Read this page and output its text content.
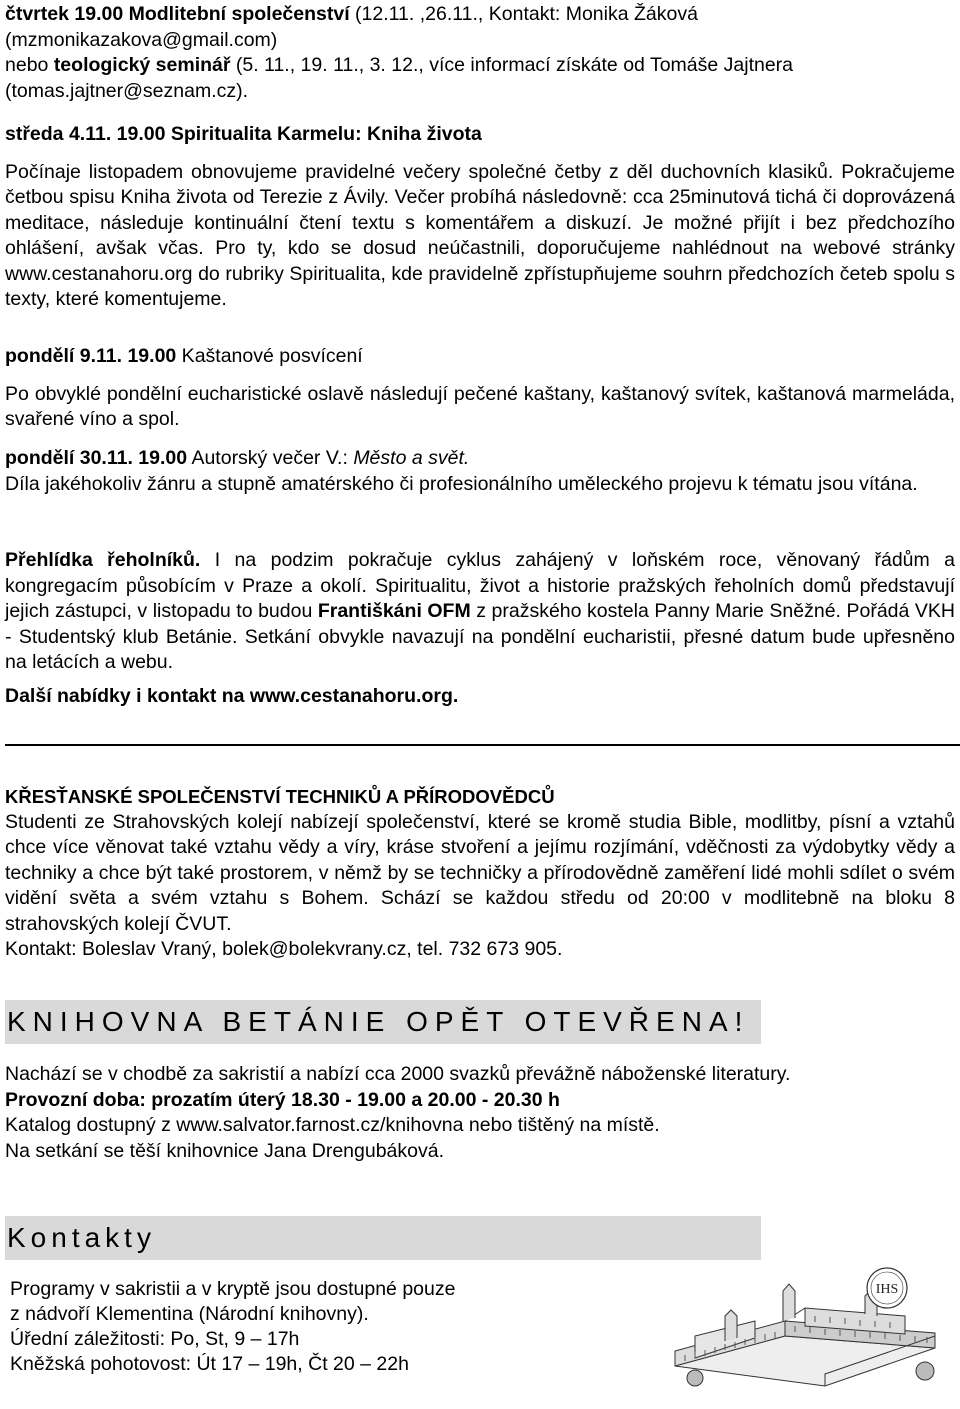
čtvrtek 19.00 Modlitební společenství (12.11. ,26.11., Kontakt: Monika Žáková (mzmonikazakova@gmail.com)
nebo teologický seminář (5. 11., 19. 11., 3. 12., více informací získáte od Tomáše Jajtnera (tomas.jajtner@seznam.cz).

středa 4.11. 19.00 Spiritualita Karmelu: Kniha života

Počínaje listopadem obnovujeme pravidelné večery společné četby z děl duchovních klasiků. Pokračujeme četbou spisu Kniha života od Terezie z Ávily. Večer probíhá následovně: cca 25minutová tichá či doprovázená meditace, následuje kontinuální čtení textu s komentářem a diskuzí. Je možné přijít i bez předchozího ohlášení, avšak včas. Pro ty, kdo se dosud neúčastnili, doporučujeme nahlédnout na webové stránky www.cestanahoru.org do rubriky Spiritualita, kde pravidelně zpřístupňujeme souhrn předchozích četeb spolu s texty, které komentujeme.

pondělí 9.11. 19.00 Kaštanové posvícení

Po obvyklé pondělní eucharistické oslavě následují pečené kaštany, kaštanový svítek, kaštanová marmeláda, svařené víno a spol.

pondělí 30.11. 19.00 Autorský večer V.: Město a svět.

Díla jakéhokoliv žánru a stupně amatérského či profesionálního uměleckého projevu k tématu jsou vítána.

Přehlídka řeholníků. I na podzim pokračuje cyklus zahájený v loňském roce, věnovaný řádům a kongregacím působícím v Praze a okolí. Spiritualitu, život a historie pražských řeholních domů představují jejich zástupci, v listopadu to budou Františkáni OFM z pražského kostela Panny Marie Sněžné. Pořádá VKH - Studentský klub Betánie. Setkání obvykle navazují na pondělní eucharistii, přesné datum bude upřesněno na letácích a webu.

Další nabídky i kontakt na www.cestanahoru.org.

KŘESŤANSKÉ SPOLEČENSTVÍ TECHNIKŮ A PŘÍRODOVĚDCŮ

Studenti ze Strahovských kolejí nabízejí společenství, které se kromě studia Bible, modlitby, písní a vztahů chce více věnovat také vztahu vědy a víry, kráse stvoření a jejímu rozjímání, vděčnosti za výdobytky vědy a techniky a chce být také prostorem, v němž by se techničky a přírodovědně zaměření lidé mohli sdílet o svém vidění světa a svém vztahu s Bohem. Schází se každou středu od 20:00 v modlitebně na bloku 8 strahovských kolejí ČVUT.

Kontakt: Boleslav Vraný, bolek@bolekvrany.cz, tel. 732 673 905.

KNIHOVNA BETÁNIE OPĚT OTEVŘENA!

Nachází se v chodbě za sakristií a nabízí cca 2000 svazků převážně náboženské literatury.

Provozní doba: prozatím úterý 18.30 - 19.00 a 20.00 - 20.30 h

Katalog dostupný z www.salvator.farnost.cz/knihovna nebo tištěný na místě.

Na setkání se těší knihovnice Jana Drengubáková.

Kontakty

Programy v sakristii a v kryptě jsou dostupné pouze

z nádvoří Klementina (Národní knihovny).

Úřední záležitosti: Po, St, 9 – 17h

Kněžská pohotovost: Út 17 – 19h, Čt 20 – 22h

IHS
